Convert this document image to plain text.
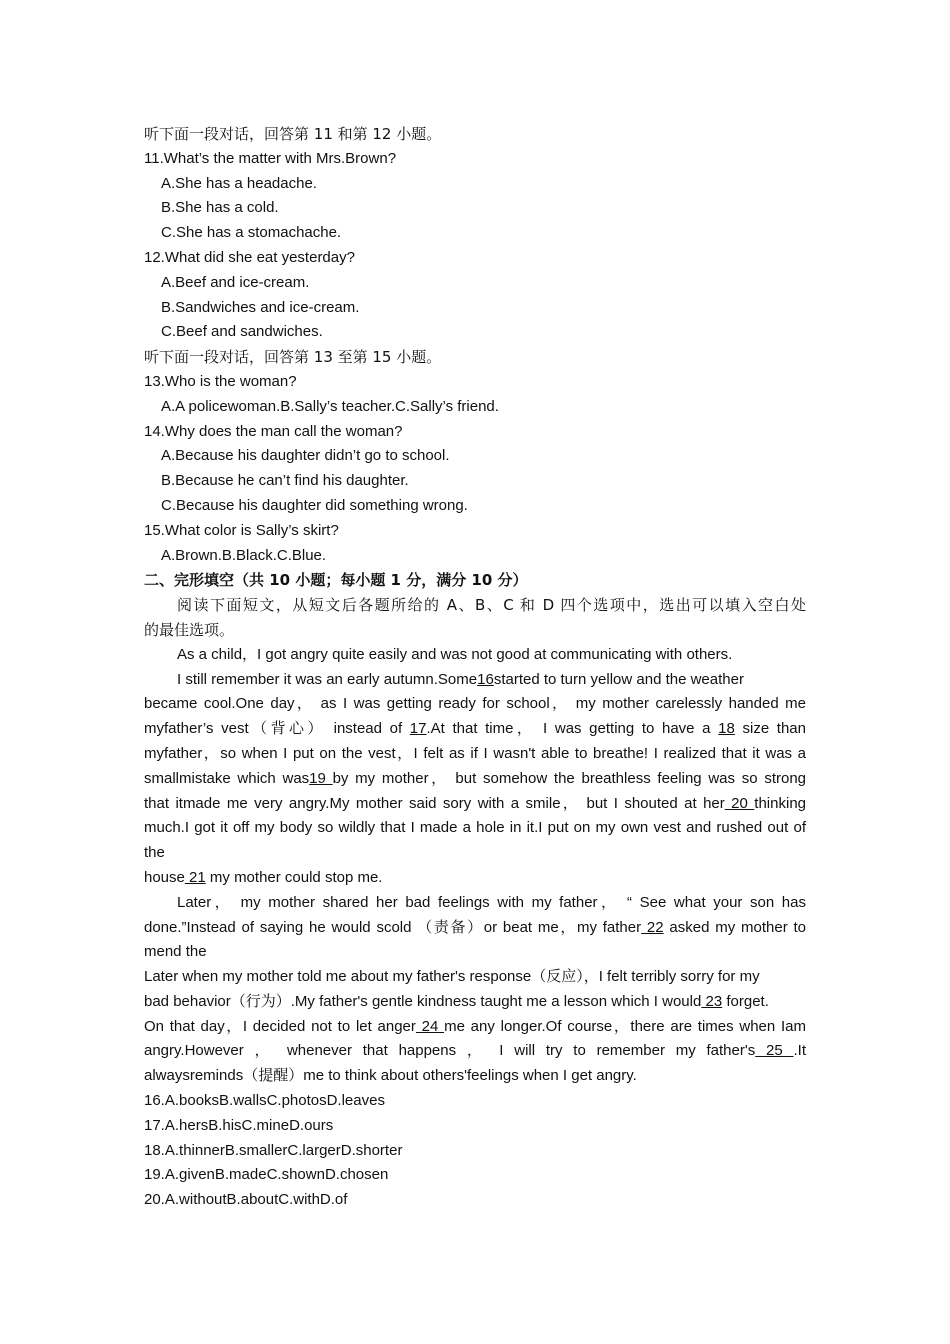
听下面一段对话，回答第 11 和第 12 小题。
11.What’s the matter with Mrs.Brown?
A.She has a headache.
B.She has a cold.
C.She has a stomachache.
12.What did she eat yesterday?
A.Beef and ice-cream.
B.Sandwiches and ice-cream.
C.Beef and sandwiches.
听下面一段对话，回答第 13 至第 15 小题。
13.Who is the woman?
A.A policewoman.B.Sally’s teacher.C.Sally’s friend.
14.Why does the man call the woman?
A.Because his daughter didn’t go to school.
B.Because he can’t find his daughter.
C.Because his daughter did something wrong.
15.What color is Sally’s skirt?
A.Brown.B.Black.C.Blue.
二、完形填空（共 10 小题；每小题 1 分，满分 10 分）
阅读下面短文，从短文后各题所给的 A、B、C 和 D 四个选项中，选出可以填入空白处
的最佳选项。
As a child，I got angry quite easily and was not good at communicating with others.
I still remember it was an early autumn.Some16started to turn yellow and the weather
became cool.One day， as I was getting ready for school， my mother carelessly handed me
myfather’s vest（背心） instead of 17.At that time， I was getting to have a 18 size than
myfather，so when I put on the vest，I felt as if I wasn't able to breathe! I realized that it was a
smallmistake which was19 by my mother， but somehow the breathless feeling was so strong
that itmade me very angry.My mother said sory with a smile， but I shouted at her 20 thinking
much.I got it off my body so wildly that I made a hole in it.I put on my own vest and rushed out of
the
house 21 my mother could stop me.
Later， my mother shared her bad feelings with my father， “ See what your son has
done.”Instead of saying he would scold （责备）or beat me，my father 22 asked my mother to
mend the
Later when my mother told me about my father's response（反应），I felt terribly sorry for my
bad behavior（行为）.My father's gentle kindness taught me a lesson which I would 23 forget.
On that day，I decided not to let anger 24 me any longer.Of course，there are times when Iam
angry.However ， whenever that happens ， I will try to remember my father's 25 .It
alwaysreminds（提醒）me to think about others'feelings when I get angry.
16.A.booksB.wallsC.photosD.leaves
17.A.hersB.hisC.mineD.ours
18.A.thinnerB.smallerC.largerD.shorter
19.A.givenB.madeC.shownD.chosen
20.A.withoutB.aboutC.withD.of
